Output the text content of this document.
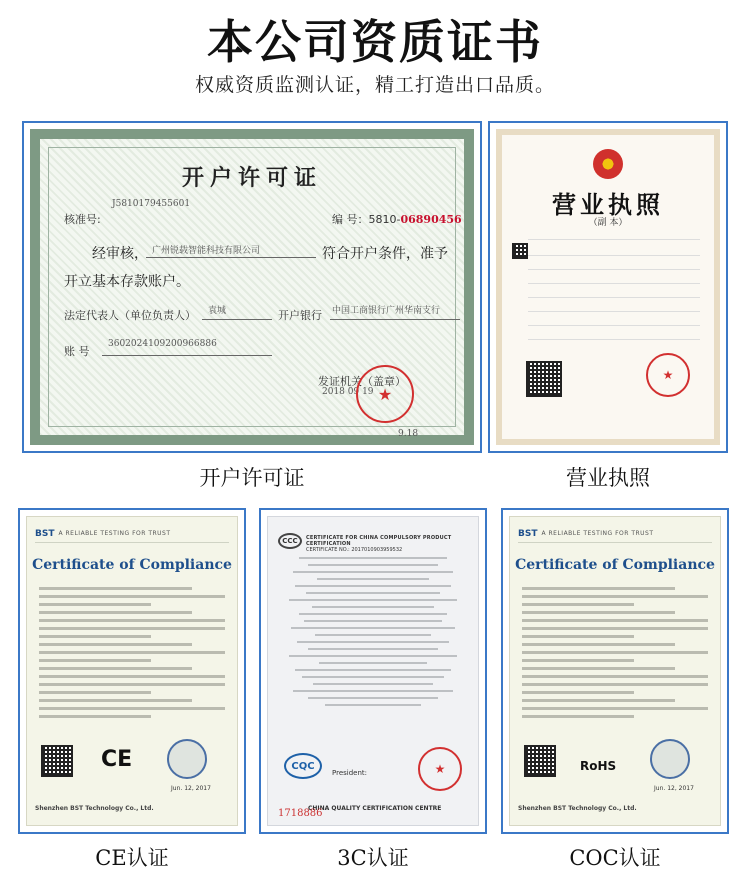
本公司资质证书
权威资质监测认证，精工打造出口品质。
开户许可证
核准号:
J5810179455601
编 号：5810-06890456
经审核， 广州锐载智能科技有限公司	符合开户条件，准予
开立基本存款账户。
法定代表人（单位负责人） 袁城	开户银行 中国工商银行广州华南支行
账 号
3602024109200966886
发证机关（盖章）
2018 09 19 ★
9.18
开户许可证
营业执照
（副 本）
★
营业执照
BST A RELIABLE TESTING FOR TRUST
Certificate of Compliance
CE
Jun. 12, 2017
Shenzhen BST Technology Co., Ltd.
CE认证
CCC	CERTIFICATE FOR CHINA COMPULSORY PRODUCT CERTIFICATION
CERTIFICATE NO.: 2017010903959532
CQC
President:	★
CHINA QUALITY CERTIFICATION CENTRE
1718886
3C认证
BST A RELIABLE TESTING FOR TRUST
Certificate of Compliance
RoHS
Jun. 12, 2017
Shenzhen BST Technology Co., Ltd.
COC认证
